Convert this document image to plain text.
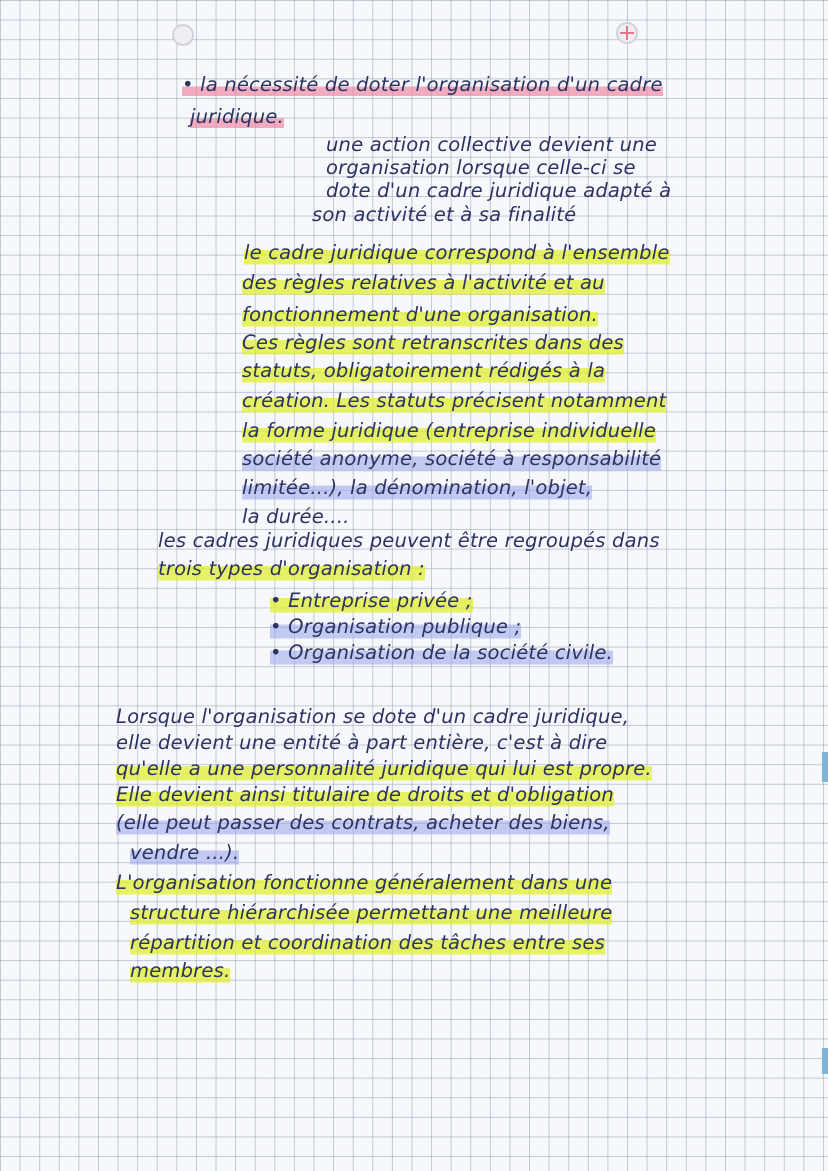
• la nécessité de doter l'organisation d'un cadre
juridique.
une action collective devient une
organisation lorsque celle-ci se
dote d'un cadre juridique adapté à
son activité et à sa finalité
le cadre juridique correspond à l'ensemble
des règles relatives à l'activité et au
fonctionnement d'une organisation.
Ces règles sont retranscrites dans des
statuts, obligatoirement rédigés à la
création. Les statuts précisent notamment
la forme juridique (entreprise individuelle
société anonyme, société à responsabilité
limitée...), la dénomination, l'objet,
la durée....
les cadres juridiques peuvent être regroupés dans
trois types d'organisation :
• Entreprise privée ;
• Organisation publique ;
• Organisation de la société civile.
Lorsque l'organisation se dote d'un cadre juridique,
elle devient une entité à part entière, c'est à dire
qu'elle a une personnalité juridique qui lui est propre.
Elle devient ainsi titulaire de droits et d'obligation
(elle peut passer des contrats, acheter des biens,
vendre ...).
L'organisation fonctionne généralement dans une
structure hiérarchisée permettant une meilleure
répartition et coordination des tâches entre ses
membres.
